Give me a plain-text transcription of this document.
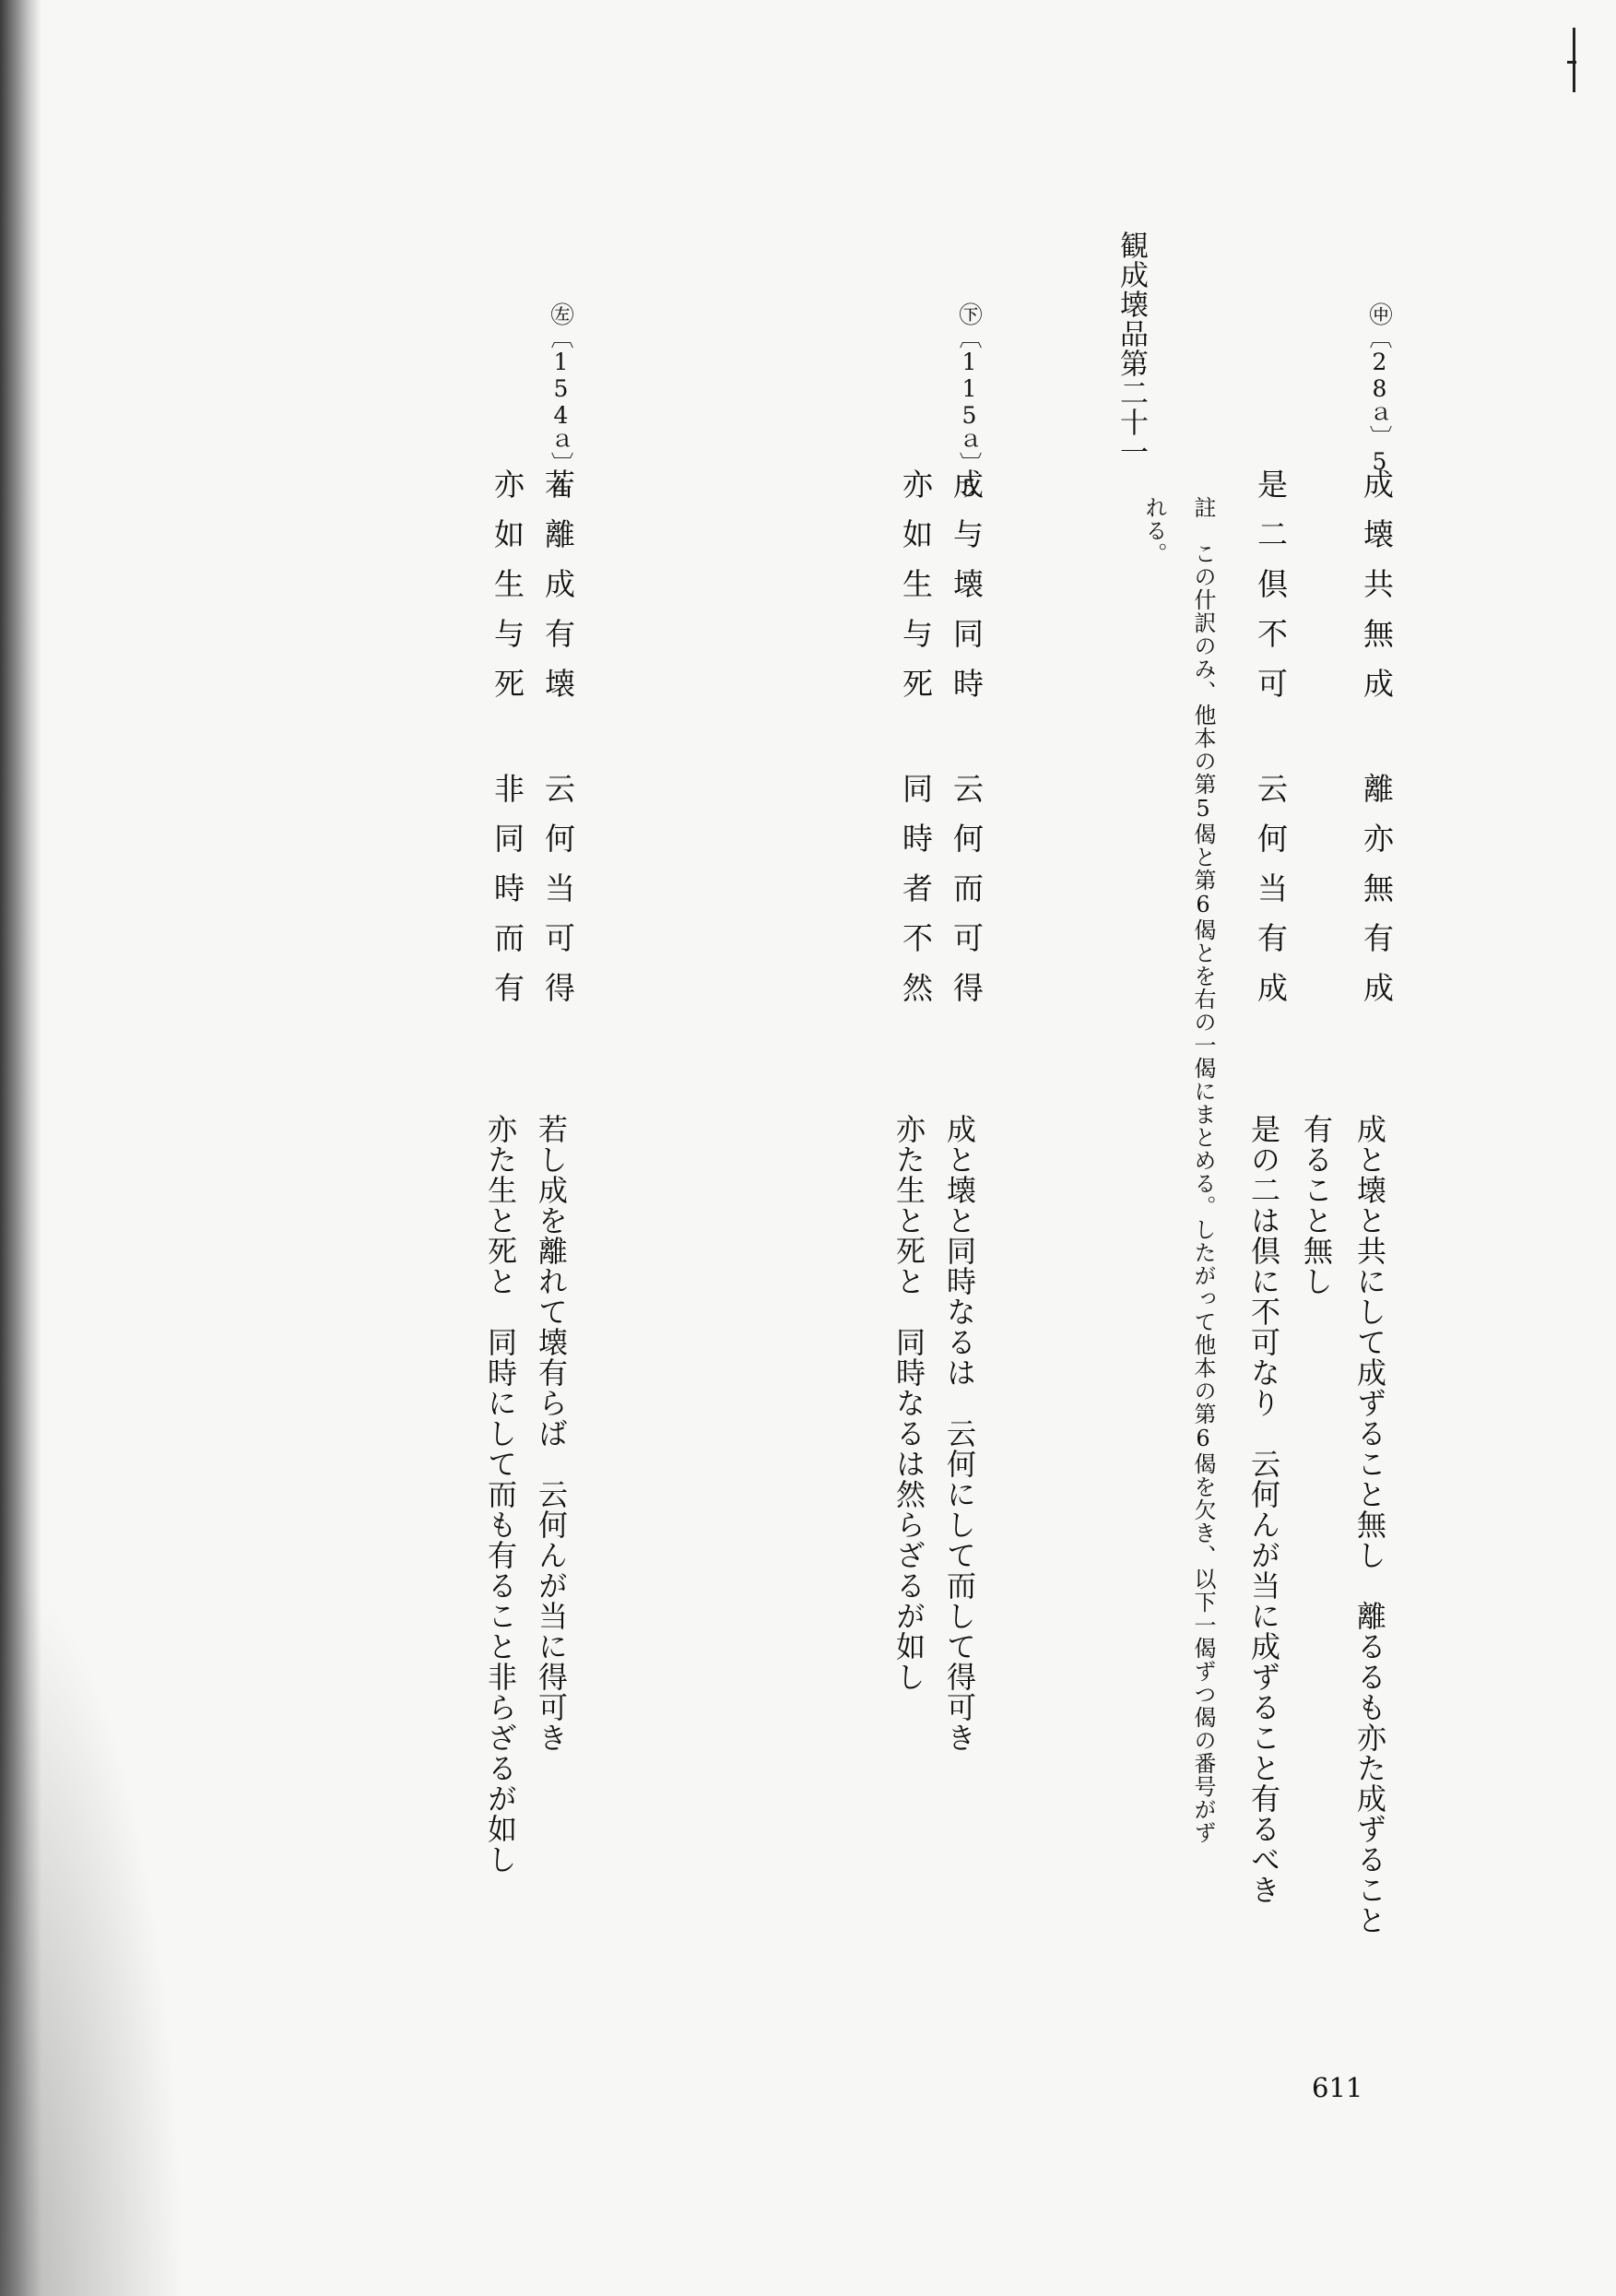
観成壊品第二十一	㊥〔28ａ〕5
成壊共無成
是二倶不可
離亦無有成
云何当有成
註　この什訳のみ、他本の第5偈と第6偈とを右の一偈にまとめる。したがって他本の第6偈を欠き、以下一偈ずつ偈の番号がず
れる。
成と壊と共にして成ずること無し　離るるも亦た成ずること
有ること無し
是の二は倶に不可なり　云何んが当に成ずること有るべき
㊦〔115ａ〕5
成与壊同時
亦如生与死
云何而可得
同時者不然
成と壊と同時なるは　云何にして而して得可き
亦た生と死と　同時なるは然らざるが如し
㊧〔154ａ〕4
若離成有壊
亦如生与死
云何当可得
非同時而有
若し成を離れて壊有らば　云何んが当に得可き
亦た生と死と　同時にして而も有ること非らざるが如し
611
